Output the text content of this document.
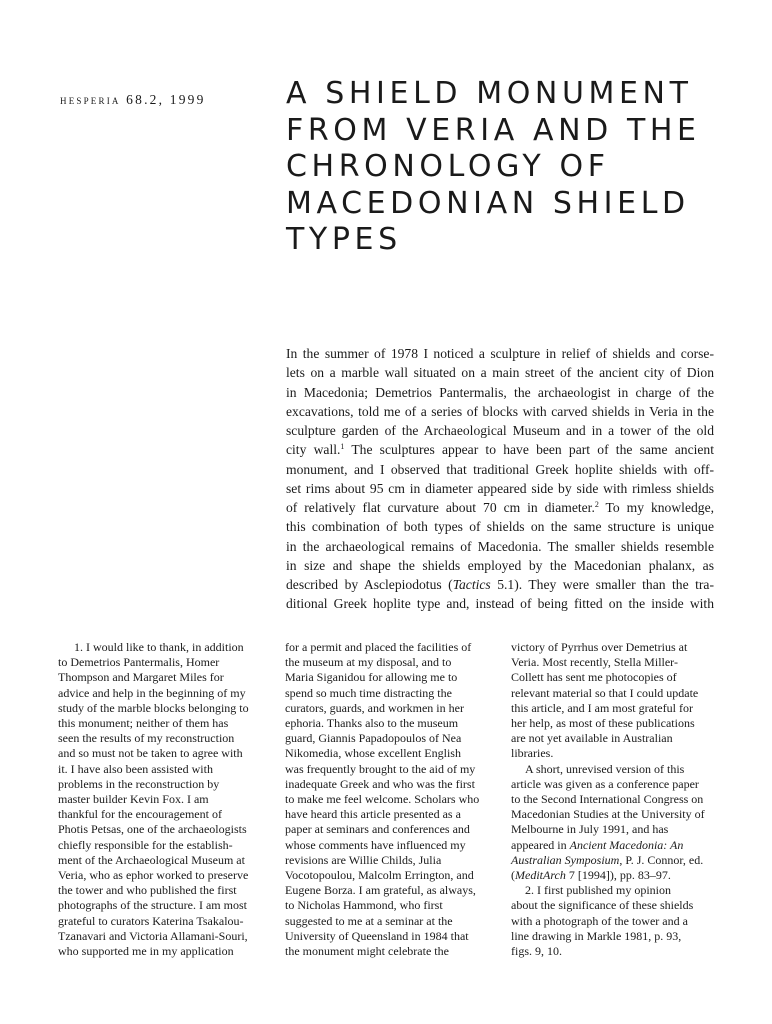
hesperia 68.2, 1999	A SHIELD MONUMENT
FROM VERIA AND THE
CHRONOLOGY OF
MACEDONIAN SHIELD
TYPES
In the summer of 1978 I noticed a sculpture in relief of shields and corse-
lets on a marble wall situated on a main street of the ancient city of Dion
in Macedonia; Demetrios Pantermalis, the archaeologist in charge of the
excavations, told me of a series of blocks with carved shields in Veria in the
sculpture garden of the Archaeological Museum and in a tower of the old
city wall.$^1$ The sculptures appear to have been part of the same ancient
monument, and I observed that traditional Greek hoplite shields with off-
set rims about 95 cm in diameter appeared side by side with rimless shields
of relatively flat curvature about 70 cm in diameter.$^2$ To my knowledge,
this combination of both types of shields on the same structure is unique
in the archaeological remains of Macedonia. The smaller shields resemble
in size and shape the shields employed by the Macedonian phalanx, as
described by Asclepiodotus (Tactics 5.1). They were smaller than the tra-
ditional Greek hoplite type and, instead of being fitted on the inside with
1. I would like to thank, in addition
to Demetrios Pantermalis, Homer
Thompson and Margaret Miles for
advice and help in the beginning of my
study of the marble blocks belonging to
this monument; neither of them has
seen the results of my reconstruction
and so must not be taken to agree with
it. I have also been assisted with
problems in the reconstruction by
master builder Kevin Fox. I am
thankful for the encouragement of
Photis Petsas, one of the archaeologists
chiefly responsible for the establish-
ment of the Archaeological Museum at
Veria, who as ephor worked to preserve
the tower and who published the first
photographs of the structure. I am most
grateful to curators Katerina Tsakalou-
Tzanavari and Victoria Allamani-Souri,
who supported me in my application
for a permit and placed the facilities of
the museum at my disposal, and to
Maria Siganidou for allowing me to
spend so much time distracting the
curators, guards, and workmen in her
ephoria. Thanks also to the museum
guard, Giannis Papadopoulos of Nea
Nikomedia, whose excellent English
was frequently brought to the aid of my
inadequate Greek and who was the first
to make me feel welcome. Scholars who
have heard this article presented as a
paper at seminars and conferences and
whose comments have influenced my
revisions are Willie Childs, Julia
Vocotopoulou, Malcolm Errington, and
Eugene Borza. I am grateful, as always,
to Nicholas Hammond, who first
suggested to me at a seminar at the
University of Queensland in 1984 that
the monument might celebrate the
victory of Pyrrhus over Demetrius at
Veria. Most recently, Stella Miller-
Collett has sent me photocopies of
relevant material so that I could update
this article, and I am most grateful for
her help, as most of these publications
are not yet available in Australian
libraries.
A short, unrevised version of this
article was given as a conference paper
to the Second International Congress on
Macedonian Studies at the University of
Melbourne in July 1991, and has
appeared in Ancient Macedonia: An
Australian Symposium, P. J. Connor, ed.
(MeditArch 7 [1994]), pp. 83–97.
2. I first published my opinion
about the significance of these shields
with a photograph of the tower and a
line drawing in Markle 1981, p. 93,
figs. 9, 10.
